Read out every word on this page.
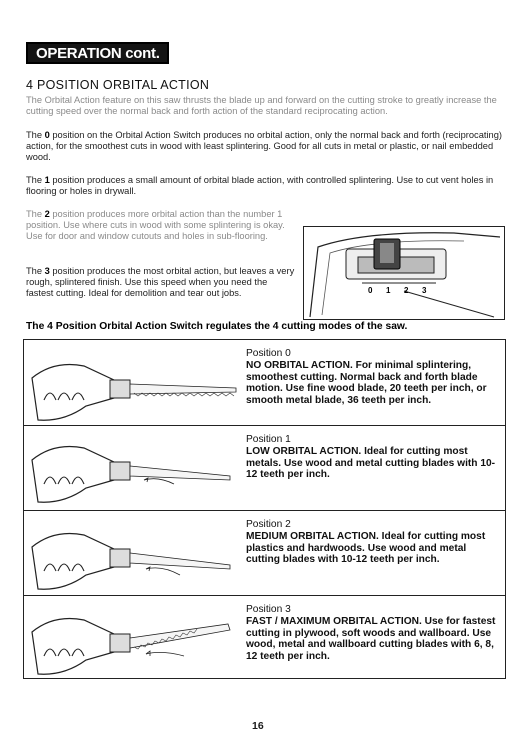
OPERATION cont.
4 POSITION ORBITAL ACTION

The Orbital Action feature on this saw thrusts the blade up and forward on the cutting stroke to greatly increase the cutting speed over the normal back and forth action of the standard reciprocating action.

The 0 position on the Orbital Action Switch produces no orbital action, only the normal back and forth (reciprocating) action, for the smoothest cuts in wood with least splintering. Good for all cuts in metal or plastic, or nail embedded wood.

The 1 position produces a small amount of orbital blade action, with controlled splintering. Use to cut vent holes in flooring or holes in drywall.

The 2 position produces more orbital action than the number 1 position. Use where cuts in wood with some splintering is okay. Use for door and window cutouts and holes in sub-flooring.

The 3 position produces the most orbital action, but leaves a very rough, splintered finish. Use this speed when you need the fastest cutting. Ideal for demolition and tear out jobs.	0 1 2 3
The 4 Position Orbital Action Switch regulates the 4 cutting modes of the saw.
Position 0
NO ORBITAL ACTION. For minimal splintering, smoothest cutting. Normal back and forth blade motion. Use fine wood blade, 20 teeth per inch, or smooth metal blade, 36 teeth per inch.
Position 1
LOW ORBITAL ACTION. Ideal for cutting most metals. Use wood and metal cutting blades with 10-12 teeth per inch.
Position 2
MEDIUM ORBITAL ACTION. Ideal for cutting most plastics and hardwoods. Use wood and metal cutting blades with 10-12 teeth per inch.
Position 3
FAST / MAXIMUM ORBITAL ACTION. Use for fastest cutting in plywood, soft woods and wallboard. Use wood, metal and wallboard cutting blades with 6, 8, 12 teeth per inch.
16
